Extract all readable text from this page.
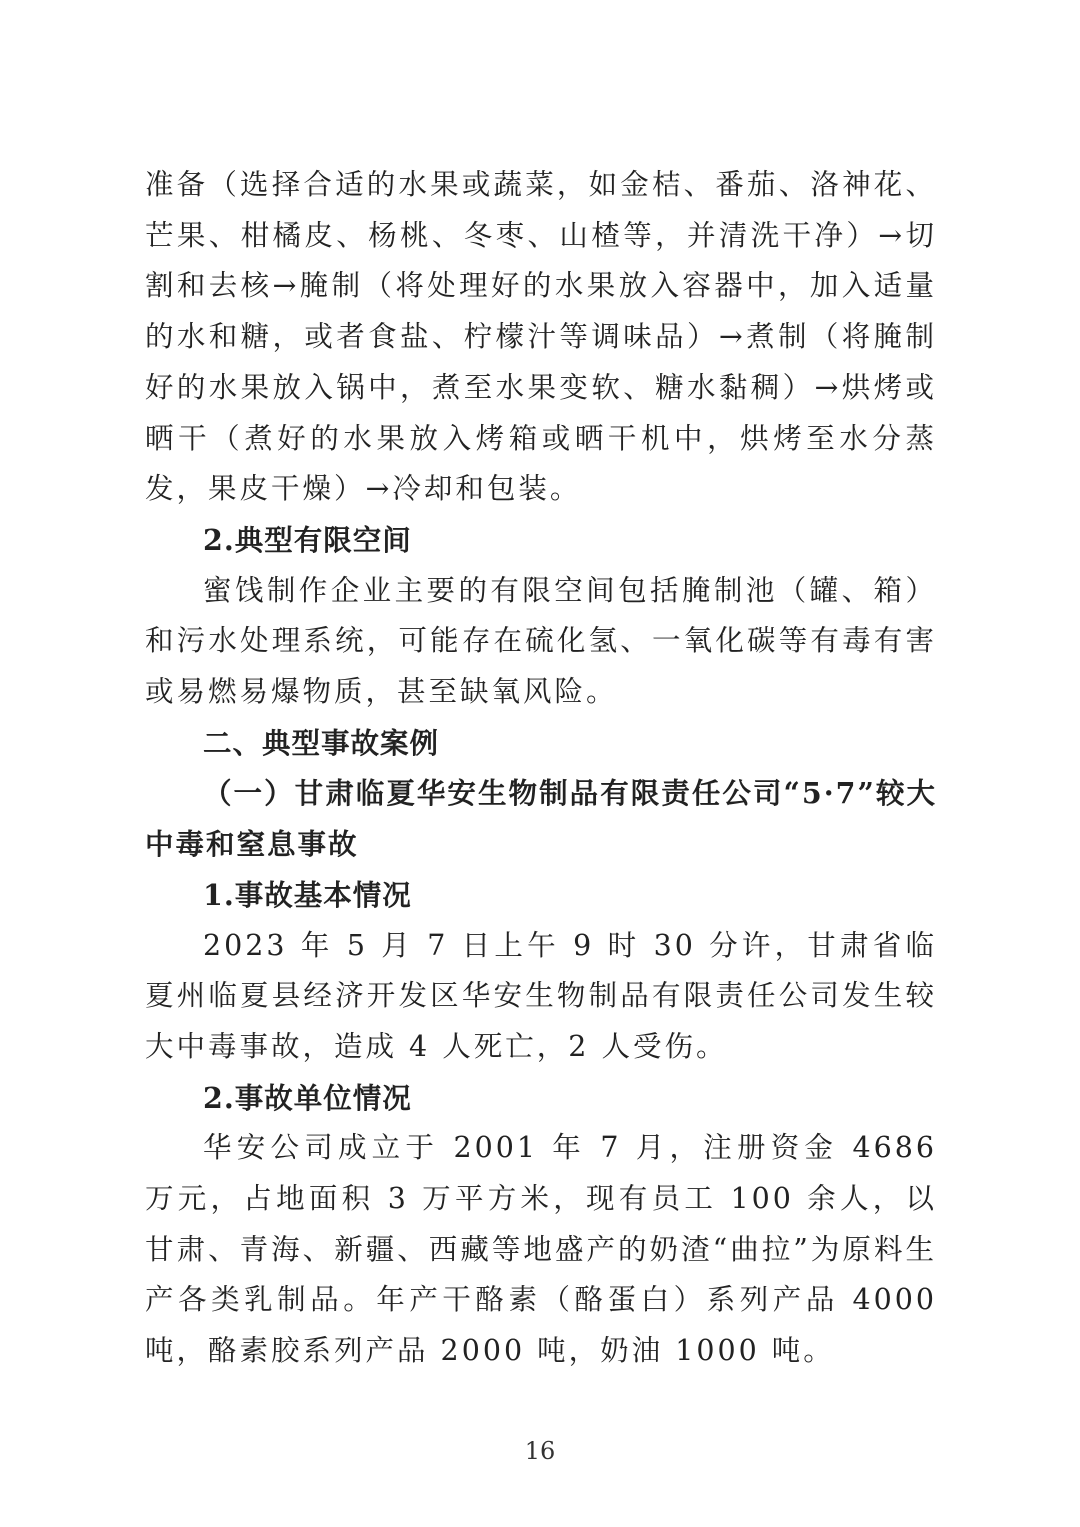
准备（选择合适的水果或蔬菜，如金桔、番茄、洛神花、芒果、柑橘皮、杨桃、冬枣、山楂等，并清洗干净）→切割和去核→腌制（将处理好的水果放入容器中，加入适量的水和糖，或者食盐、柠檬汁等调味品）→煮制（将腌制好的水果放入锅中，煮至水果变软、糖水黏稠）→烘烤或晒干（煮好的水果放入烤箱或晒干机中，烘烤至水分蒸发，果皮干燥）→冷却和包装。

2.典型有限空间

蜜饯制作企业主要的有限空间包括腌制池（罐、箱）和污水处理系统，可能存在硫化氢、一氧化碳等有毒有害或易燃易爆物质，甚至缺氧风险。

二、典型事故案例

（一）甘肃临夏华安生物制品有限责任公司“5·7”较大中毒和窒息事故

1.事故基本情况

2023 年 5 月 7 日上午 9 时 30 分许，甘肃省临夏州临夏县经济开发区华安生物制品有限责任公司发生较大中毒事故，造成 4 人死亡，2 人受伤。

2.事故单位情况

华安公司成立于 2001 年 7 月，注册资金 4686 万元，占地面积 3 万平方米，现有员工 100 余人，以甘肃、青海、新疆、西藏等地盛产的奶渣“曲拉”为原料生产各类乳制品。年产干酪素（酪蛋白）系列产品 4000 吨，酪素胶系列产品 2000 吨，奶油 1000 吨。

16
